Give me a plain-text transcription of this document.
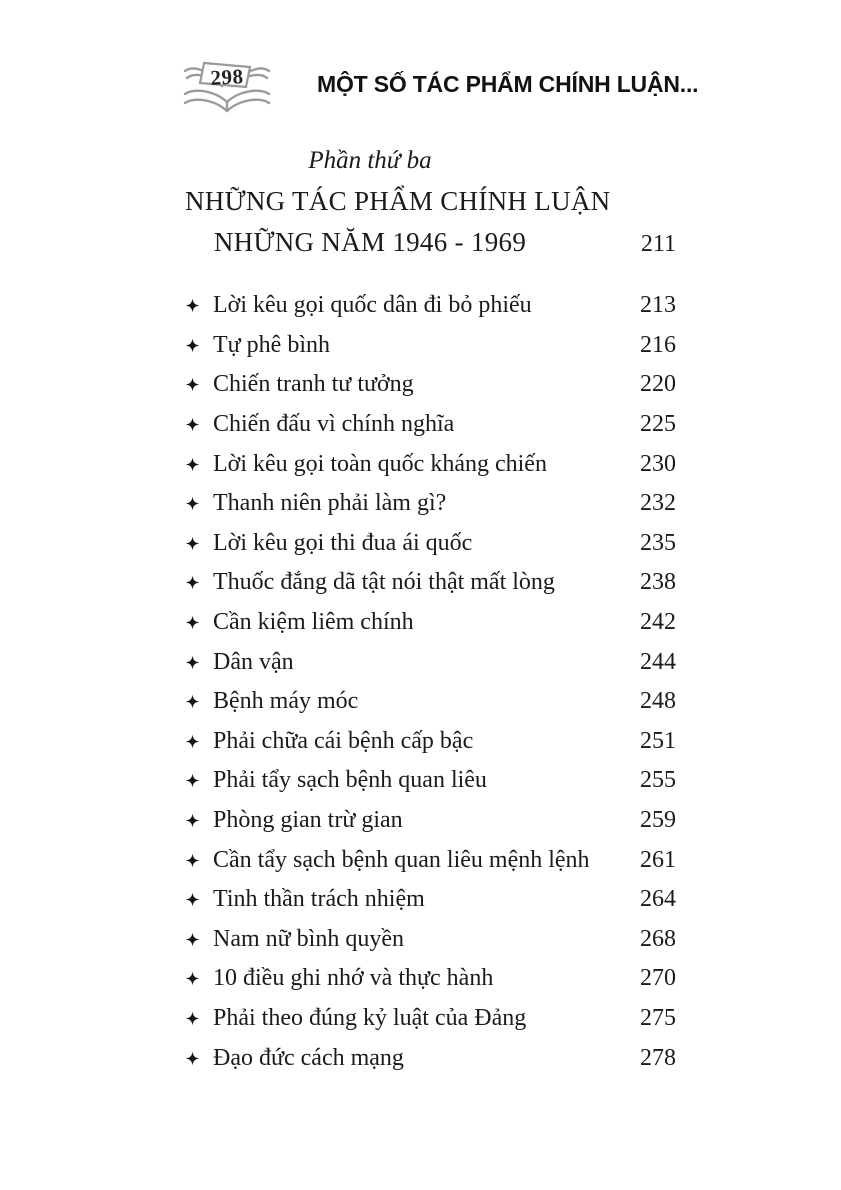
298	MỘT SỐ TÁC PHẨM CHÍNH LUẬN...
Phần thứ ba
NHỮNG TÁC PHẨM CHÍNH LUẬN
NHỮNG NĂM 1946 - 1969	211
Lời kêu gọi quốc dân đi bỏ phiếu	213
Tự phê bình	216
Chiến tranh tư tưởng	220
Chiến đấu vì chính nghĩa	225
Lời kêu gọi toàn quốc kháng chiến	230
Thanh niên phải làm gì?	232
Lời kêu gọi thi đua ái quốc	235
Thuốc đắng dã tật nói thật mất lòng	238
Cần kiệm liêm chính	242
Dân vận	244
Bệnh máy móc	248
Phải chữa cái bệnh cấp bậc	251
Phải tẩy sạch bệnh quan liêu	255
Phòng gian trừ gian	259
Cần tẩy sạch bệnh quan liêu mệnh lệnh	261
Tinh thần trách nhiệm	264
Nam nữ bình quyền	268
10 điều ghi nhớ và thực hành	270
Phải theo đúng kỷ luật của Đảng	275
Đạo đức cách mạng	278
